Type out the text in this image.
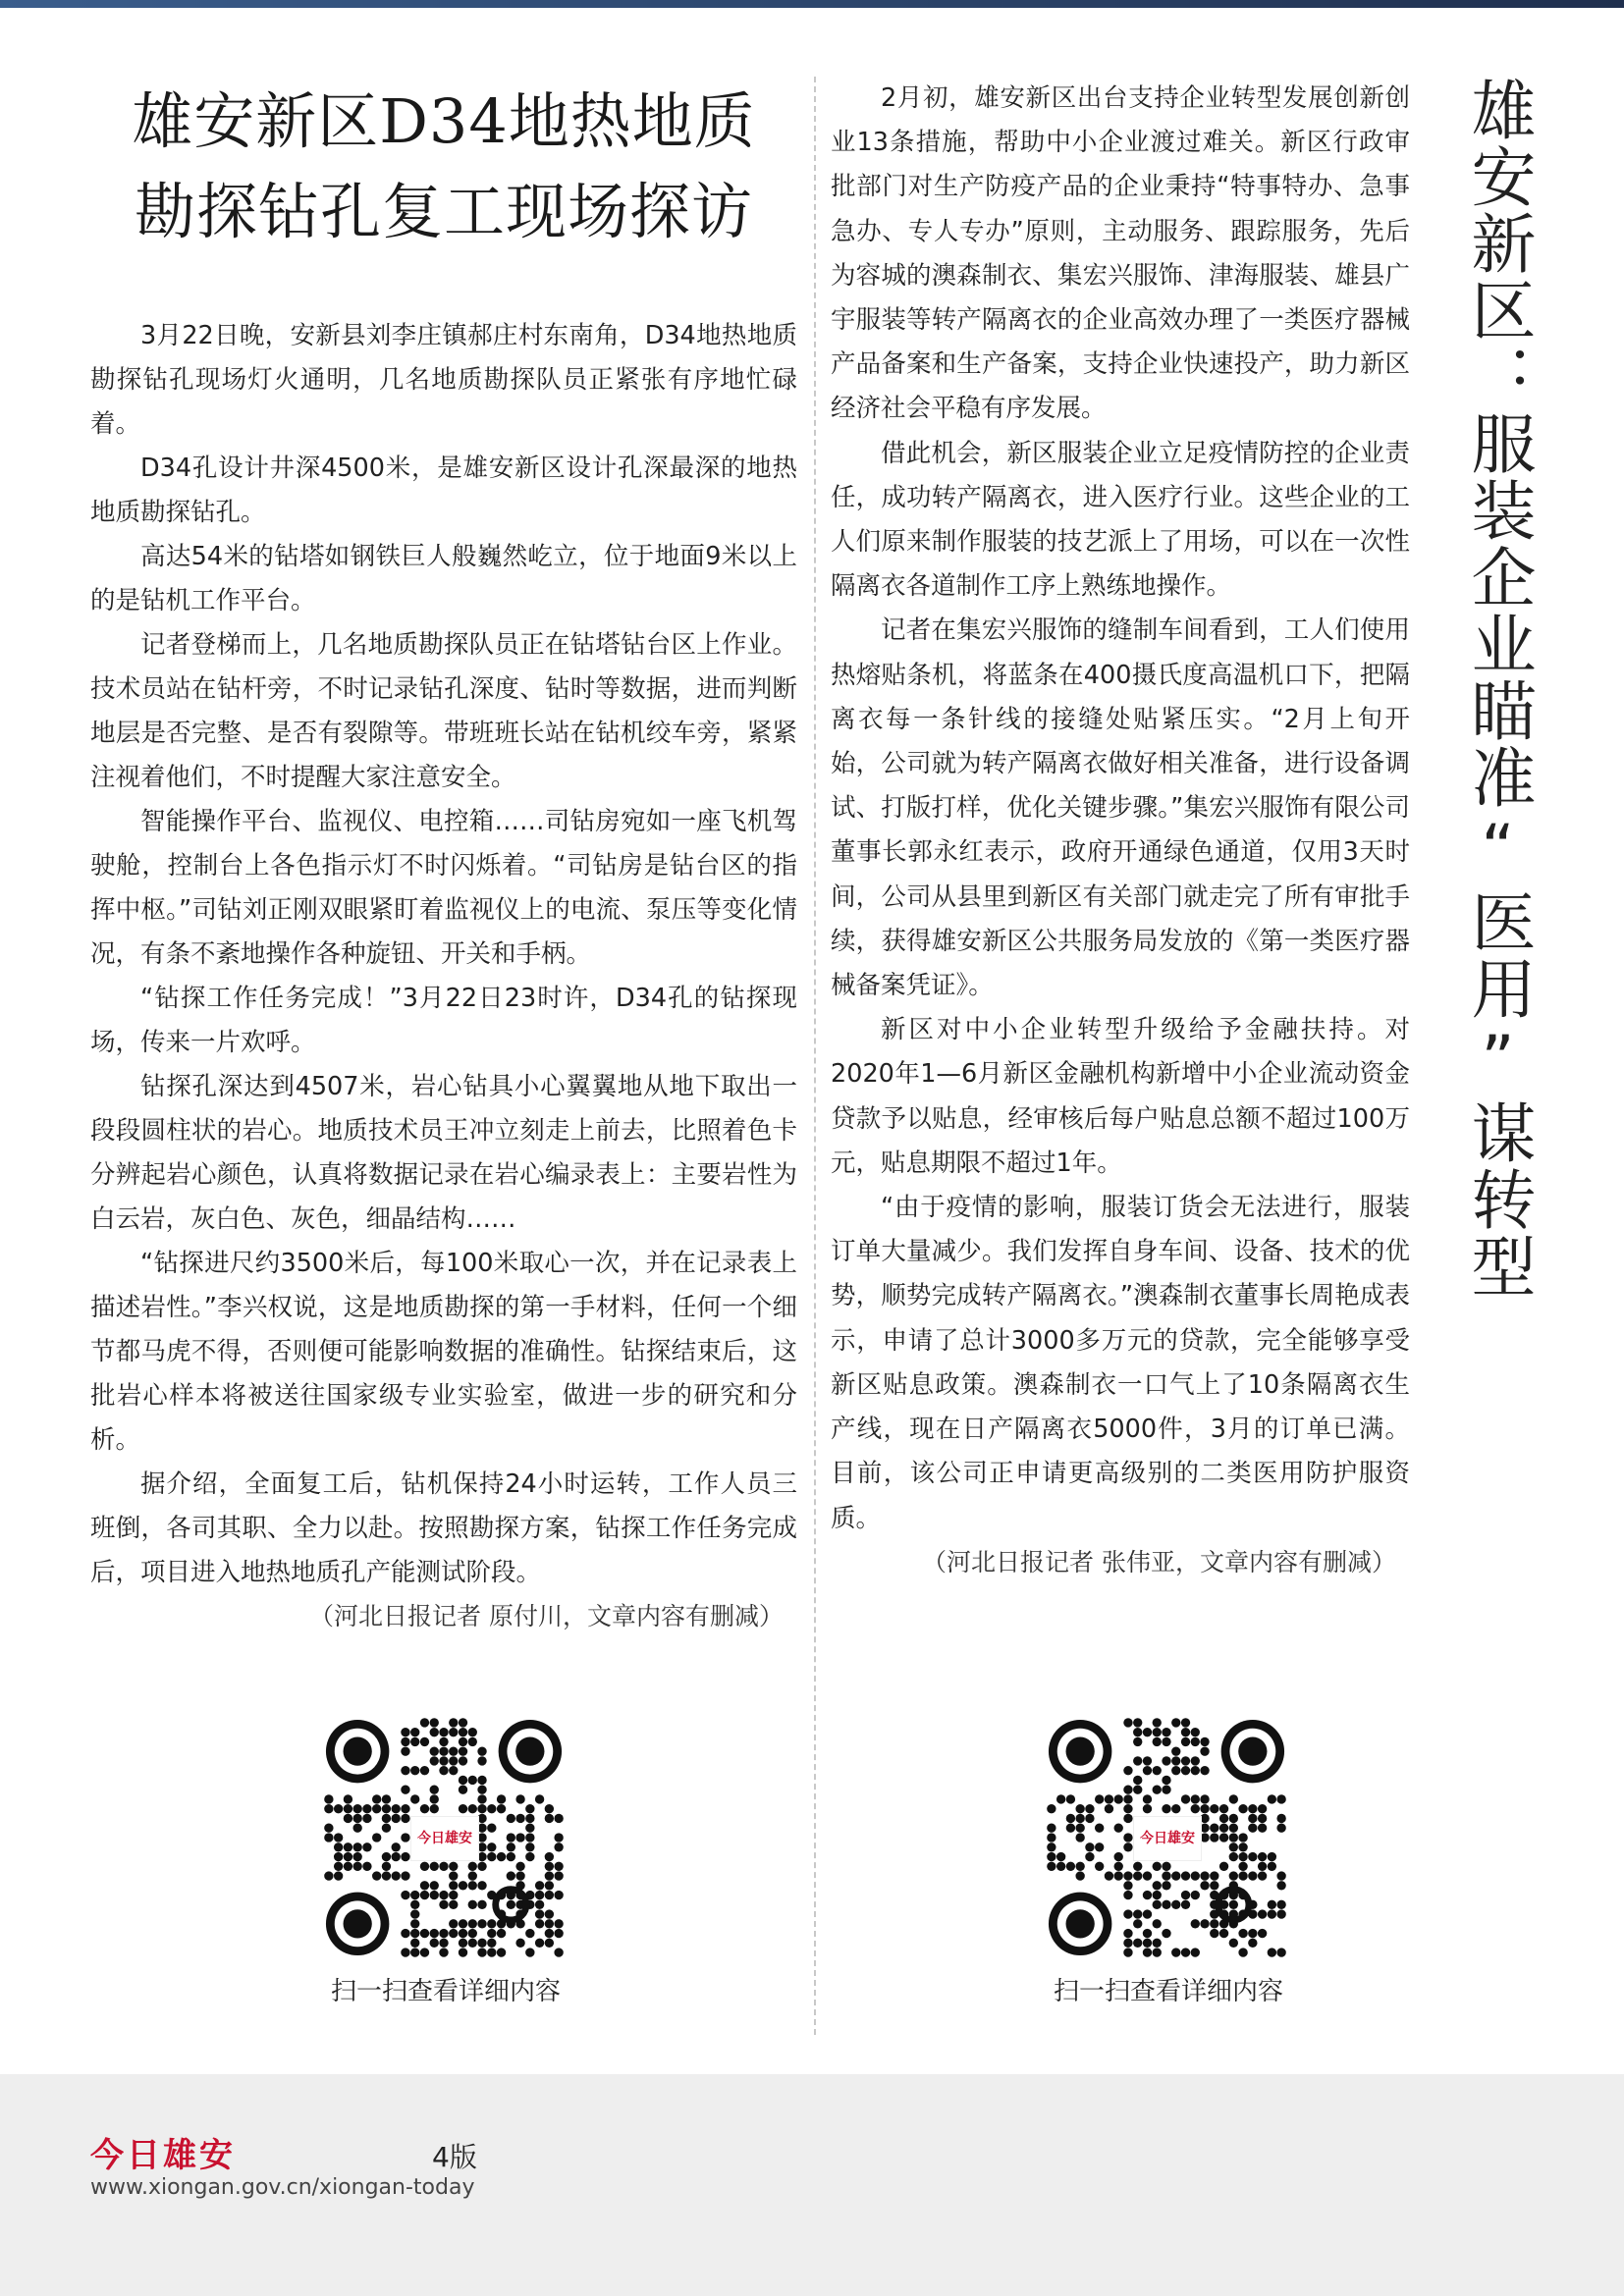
雄安新区D34地热地质
勘探钻孔复工现场探访

3月22日晚，安新县刘李庄镇郝庄村东南角，D34地热地质勘探钻孔现场灯火通明，几名地质勘探队员正紧张有序地忙碌着。

D34孔设计井深4500米，是雄安新区设计孔深最深的地热地质勘探钻孔。

高达54米的钻塔如钢铁巨人般巍然屹立，位于地面9米以上的是钻机工作平台。

记者登梯而上，几名地质勘探队员正在钻塔钻台区上作业。技术员站在钻杆旁，不时记录钻孔深度、钻时等数据，进而判断地层是否完整、是否有裂隙等。带班班长站在钻机绞车旁，紧紧注视着他们，不时提醒大家注意安全。

智能操作平台、监视仪、电控箱……司钻房宛如一座飞机驾驶舱，控制台上各色指示灯不时闪烁着。“司钻房是钻台区的指挥中枢。”司钻刘正刚双眼紧盯着监视仪上的电流、泵压等变化情况，有条不紊地操作各种旋钮、开关和手柄。

“钻探工作任务完成！”3月22日23时许，D34孔的钻探现场，传来一片欢呼。

钻探孔深达到4507米，岩心钻具小心翼翼地从地下取出一段段圆柱状的岩心。地质技术员王冲立刻走上前去，比照着色卡分辨起岩心颜色，认真将数据记录在岩心编录表上：主要岩性为白云岩，灰白色、灰色，细晶结构……

“钻探进尺约3500米后，每100米取心一次，并在记录表上描述岩性。”李兴权说，这是地质勘探的第一手材料，任何一个细节都马虎不得，否则便可能影响数据的准确性。钻探结束后，这批岩心样本将被送往国家级专业实验室，做进一步的研究和分析。

据介绍，全面复工后，钻机保持24小时运转，工作人员三班倒，各司其职、全力以赴。按照勘探方案，钻探工作任务完成后，项目进入地热地质孔产能测试阶段。

（河北日报记者 原付川，文章内容有删减）

2月初，雄安新区出台支持企业转型发展创新创业13条措施，帮助中小企业渡过难关。新区行政审批部门对生产防疫产品的企业秉持“特事特办、急事急办、专人专办”原则，主动服务、跟踪服务，先后为容城的澳森制衣、集宏兴服饰、津海服装、雄县广宇服装等转产隔离衣的企业高效办理了一类医疗器械产品备案和生产备案，支持企业快速投产，助力新区经济社会平稳有序发展。

借此机会，新区服装企业立足疫情防控的企业责任，成功转产隔离衣，进入医疗行业。这些企业的工人们原来制作服装的技艺派上了用场，可以在一次性隔离衣各道制作工序上熟练地操作。

记者在集宏兴服饰的缝制车间看到，工人们使用热熔贴条机，将蓝条在400摄氏度高温机口下，把隔离衣每一条针线的接缝处贴紧压实。“2月上旬开始，公司就为转产隔离衣做好相关准备，进行设备调试、打版打样，优化关键步骤。”集宏兴服饰有限公司董事长郭永红表示，政府开通绿色通道，仅用3天时间，公司从县里到新区有关部门就走完了所有审批手续，获得雄安新区公共服务局发放的《第一类医疗器械备案凭证》。

新区对中小企业转型升级给予金融扶持。对2020年1—6月新区金融机构新增中小企业流动资金贷款予以贴息，经审核后每户贴息总额不超过100万元，贴息期限不超过1年。

“由于疫情的影响，服装订货会无法进行，服装订单大量减少。我们发挥自身车间、设备、技术的优势，顺势完成转产隔离衣。”澳森制衣董事长周艳成表示，申请了总计3000多万元的贷款，完全能够享受新区贴息政策。澳森制衣一口气上了10条隔离衣生产线，现在日产隔离衣5000件，3月的订单已满。目前，该公司正申请更高级别的二类医用防护服资质。

（河北日报记者 张伟亚，文章内容有删减）

雄安新区：服装企业瞄准“医用”谋转型
今日雄安
扫一扫查看详细内容
今日雄安
扫一扫查看详细内容
今日雄安	4版
www.xiongan.gov.cn/xiongan-today
